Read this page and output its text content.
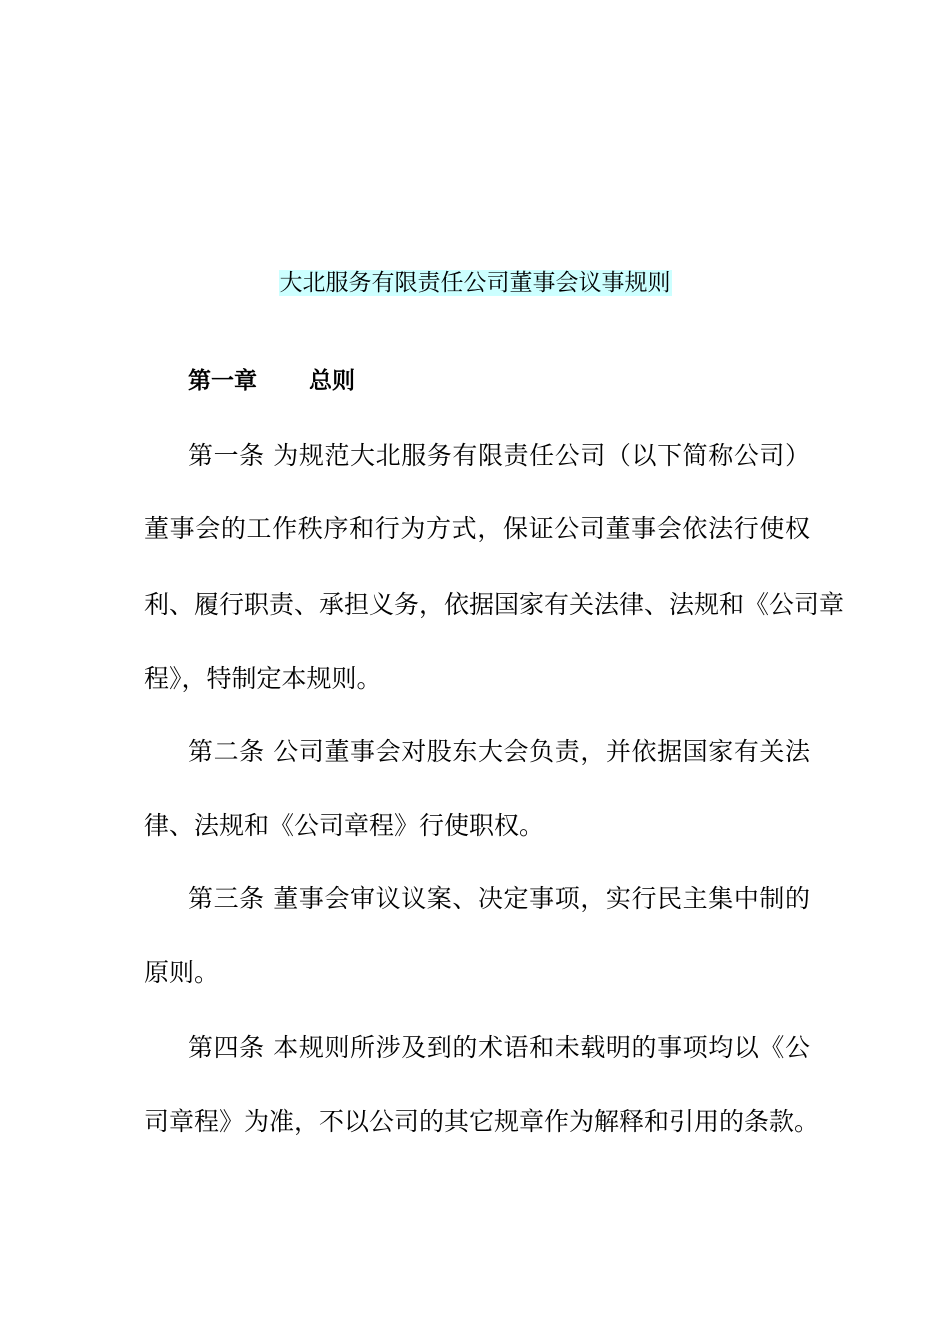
大北服务有限责任公司董事会议事规则
第一章 总则
第一条 为规范大北服务有限责任公司（以下简称公司）
董事会的工作秩序和行为方式，保证公司董事会依法行使权
利、履行职责、承担义务，依据国家有关法律、法规和《公司章
程》，特制定本规则。
第二条 公司董事会对股东大会负责，并依据国家有关法
律、法规和《公司章程》行使职权。
第三条 董事会审议议案、决定事项，实行民主集中制的
原则。
第四条 本规则所涉及到的术语和未载明的事项均以《公
司章程》为准，不以公司的其它规章作为解释和引用的条款。
